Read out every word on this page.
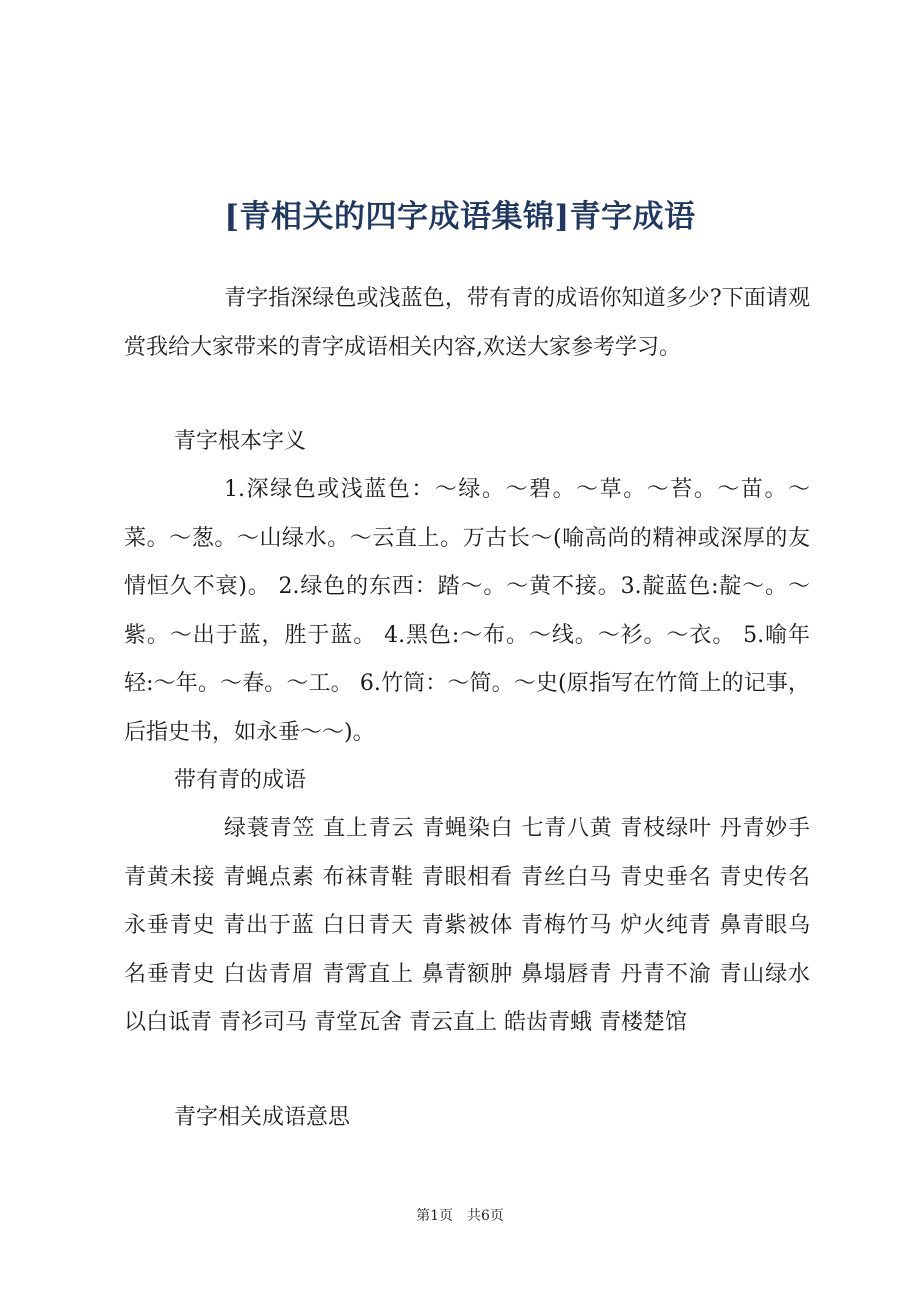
[青相关的四字成语集锦]青字成语

青字指深绿色或浅蓝色，带有青的成语你知道多少?下面请观赏我给大家带来的青字成语相关内容,欢送大家参考学习。

青字根本字义

1.深绿色或浅蓝色：～绿。～碧。～草。～苔。～苗。～菜。～葱。～山绿水。～云直上。万古长～(喻高尚的精神或深厚的友情恒久不衰)。 2.绿色的东西：踏～。～黄不接。3.靛蓝色:靛～。～紫。～出于蓝，胜于蓝。 4.黑色:～布。～线。～衫。～衣。 5.喻年轻:～年。～春。～工。 6.竹筒：～简。～史(原指写在竹简上的记事，后指史书，如永垂～～)。

带有青的成语

绿蓑青笠 直上青云 青蝇染白 七青八黄 青枝绿叶 丹青妙手 青黄未接 青蝇点素 布袜青鞋 青眼相看 青丝白马 青史垂名 青史传名 永垂青史 青出于蓝 白日青天 青紫被体 青梅竹马 炉火纯青 鼻青眼乌 名垂青史 白齿青眉 青霄直上 鼻青额肿 鼻塌唇青 丹青不渝 青山绿水 以白诋青 青衫司马 青堂瓦舍 青云直上 皓齿青蛾 青楼楚馆

青字相关成语意思

第1页　共6页
